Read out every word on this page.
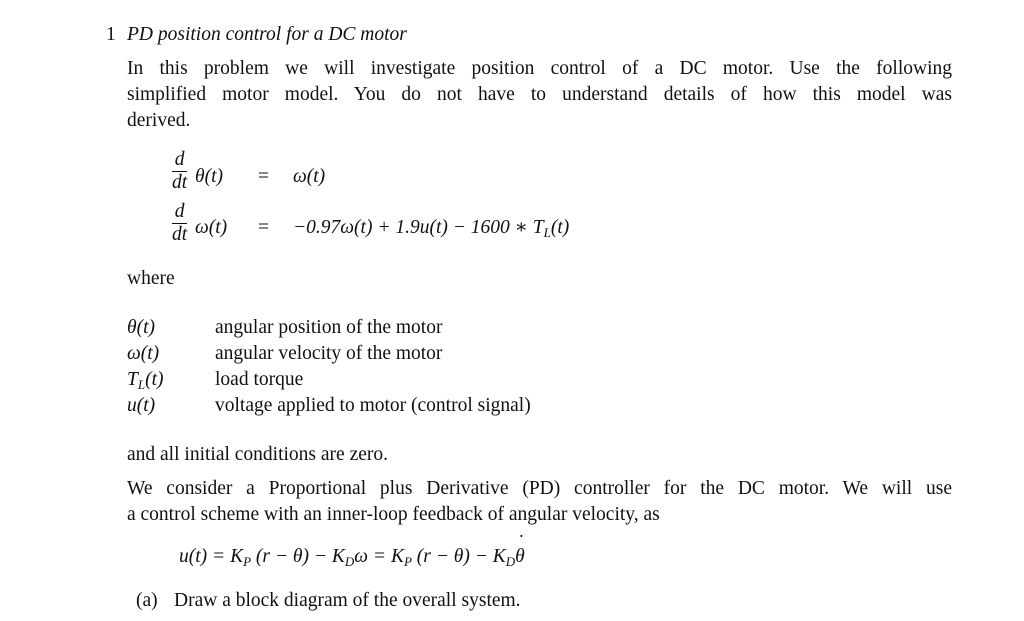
1 PD position control for a DC motor
In this problem we will investigate position control of a DC motor. Use the following
simplified motor model. You do not have to understand details of how this model was
derived.
$\frac{d}{dt} \theta(t) = \omega(t)$
$\frac{d}{dt} \omega(t) = -0.97\omega(t) + 1.9u(t) - 1600$ ∗ $T_L(t)$
where
θ(t)	angular position of the motor
ω(t)	angular velocity of the motor
$T_L(t)$	load torque
u(t)	voltage applied to motor (control signal)
and all initial conditions are zero.
We consider a Proportional plus Derivative (PD) controller for the DC motor. We will use
a control scheme with an inner-loop feedback of angular velocity, as
$u(t) = K_P$ $(r - \theta) - K_D\omega = K_P$ $(r - \theta) - K_D˙$ θ
(a) Draw a block diagram of the overall system.
